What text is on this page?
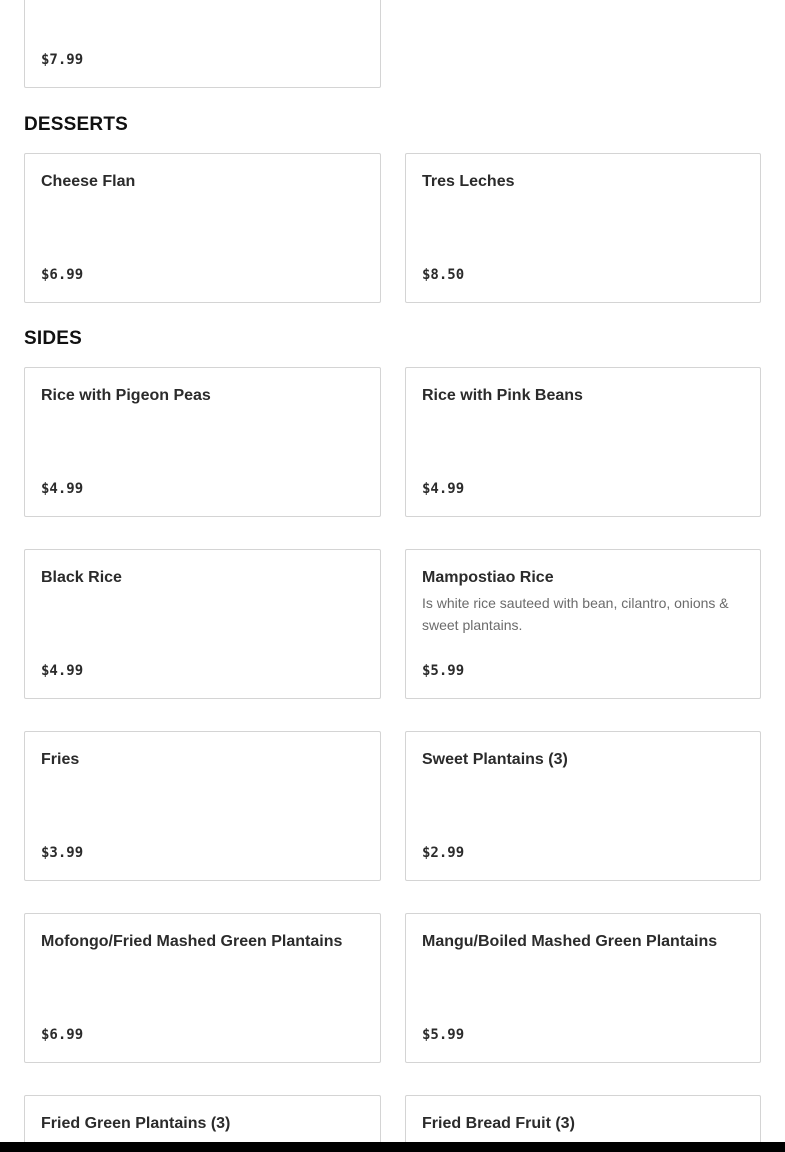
$7.99
DESSERTS
Cheese Flan
$6.99
Tres Leches
$8.50
SIDES
Rice with Pigeon Peas
$4.99
Rice with Pink Beans
$4.99
Black Rice
$4.99
Mampostiao Rice
Is white rice sauteed with bean, cilantro, onions & sweet plantains.
$5.99
Fries
$3.99
Sweet Plantains (3)
$2.99
Mofongo/Fried Mashed Green Plantains
$6.99
Mangu/Boiled Mashed Green Plantains
$5.99
Fried Green Plantains (3)	Fried Bread Fruit (3)
